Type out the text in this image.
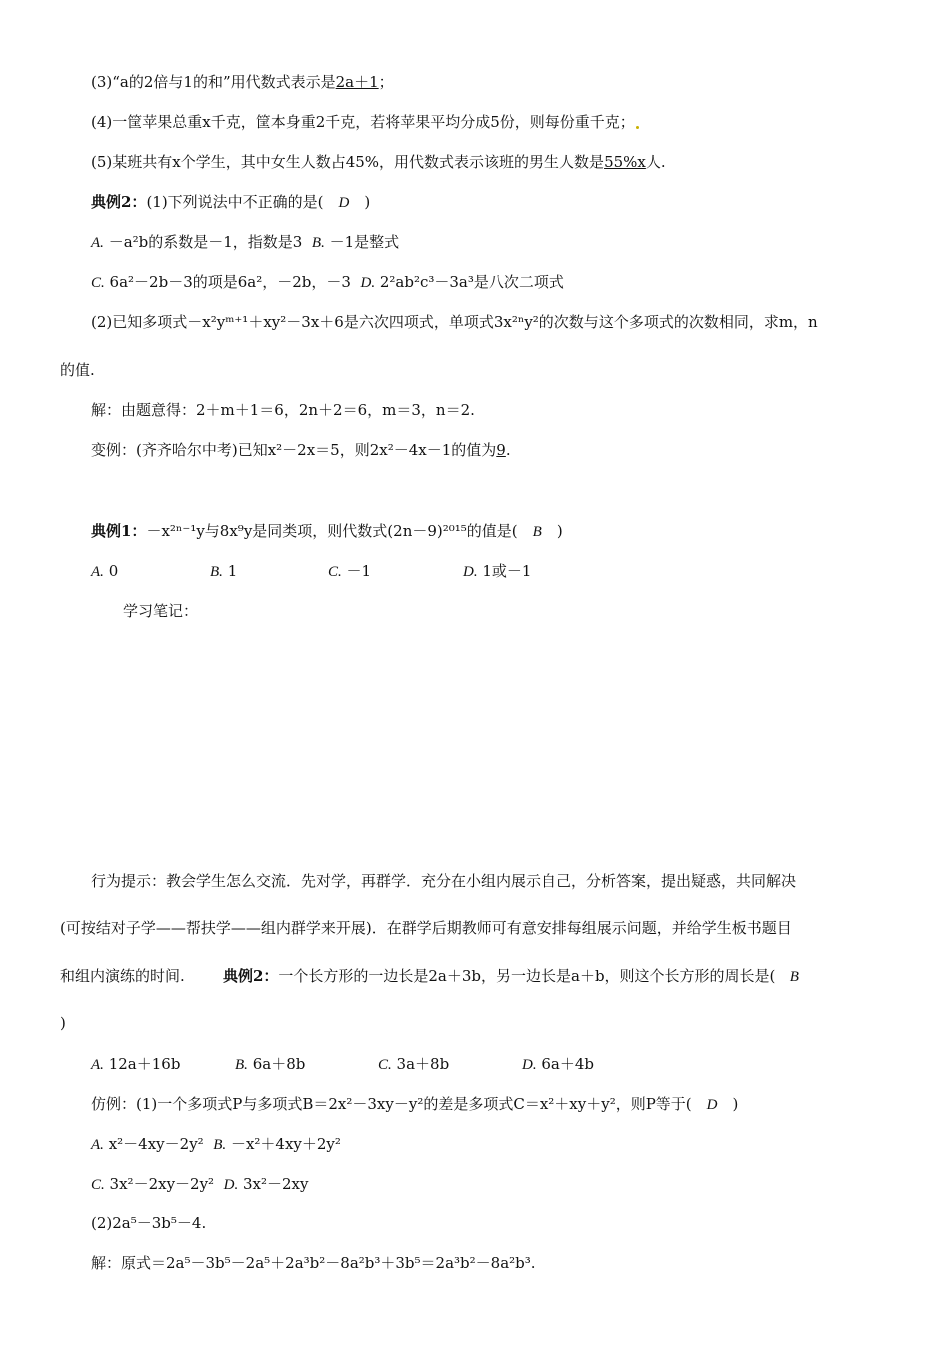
(3)“a的2倍与1的和”用代数式表示是2a＋1；
(4)一筐苹果总重x千克，筐本身重2千克，若将苹果平均分成5份，则每份重千克；
(5)某班共有x个学生，其中女生人数占45%，用代数式表示该班的男生人数是55%x人.
典例2：(1)下列说法中不正确的是(　D　)
A. －a²b的系数是－1，指数是3 B. －1是整式
C. 6a²－2b－3的项是6a²，－2b，－3 D. 2²ab²c³－3a³是八次二项式
(2)已知多项式－x²yᵐ⁺¹＋xy²－3x＋6是六次四项式，单项式3x²ⁿy²的次数与这个多项式的次数相同，求m，n
的值.
解：由题意得：2＋m＋1＝6，2n＋2＝6，m＝3，n＝2.
变例：(齐齐哈尔中考)已知x²－2x＝5，则2x²－4x－1的值为9.
典例1：－x²ⁿ⁻¹y与8x⁹y是同类项，则代数式(2n－9)²⁰¹⁵的值是(　B　)
A. 0	B. 1	C. －1	D. 1或－1
学习笔记：
行为提示：教会学生怎么交流．先对学，再群学．充分在小组内展示自己，分析答案，提出疑惑，共同解决
(可按结对子学——帮扶学——组内群学来开展)．在群学后期教师可有意安排每组展示问题，并给学生板书题目
和组内演练的时间.	典例2：一个长方形的一边长是2a＋3b，另一边长是a＋b，则这个长方形的周长是( B
)
A. 12a＋16b	B. 6a＋8b	C. 3a＋8b	D. 6a＋4b
仿例：(1)一个多项式P与多项式B＝2x²－3xy－y²的差是多项式C＝x²＋xy＋y²，则P等于(　D　)
A. x²－4xy－2y² B. －x²＋4xy＋2y²
C. 3x²－2xy－2y² D. 3x²－2xy
(2)2a⁵－3b⁵－4.
解：原式＝2a⁵－3b⁵－2a⁵＋2a³b²－8a²b³＋3b⁵＝2a³b²－8a²b³.
